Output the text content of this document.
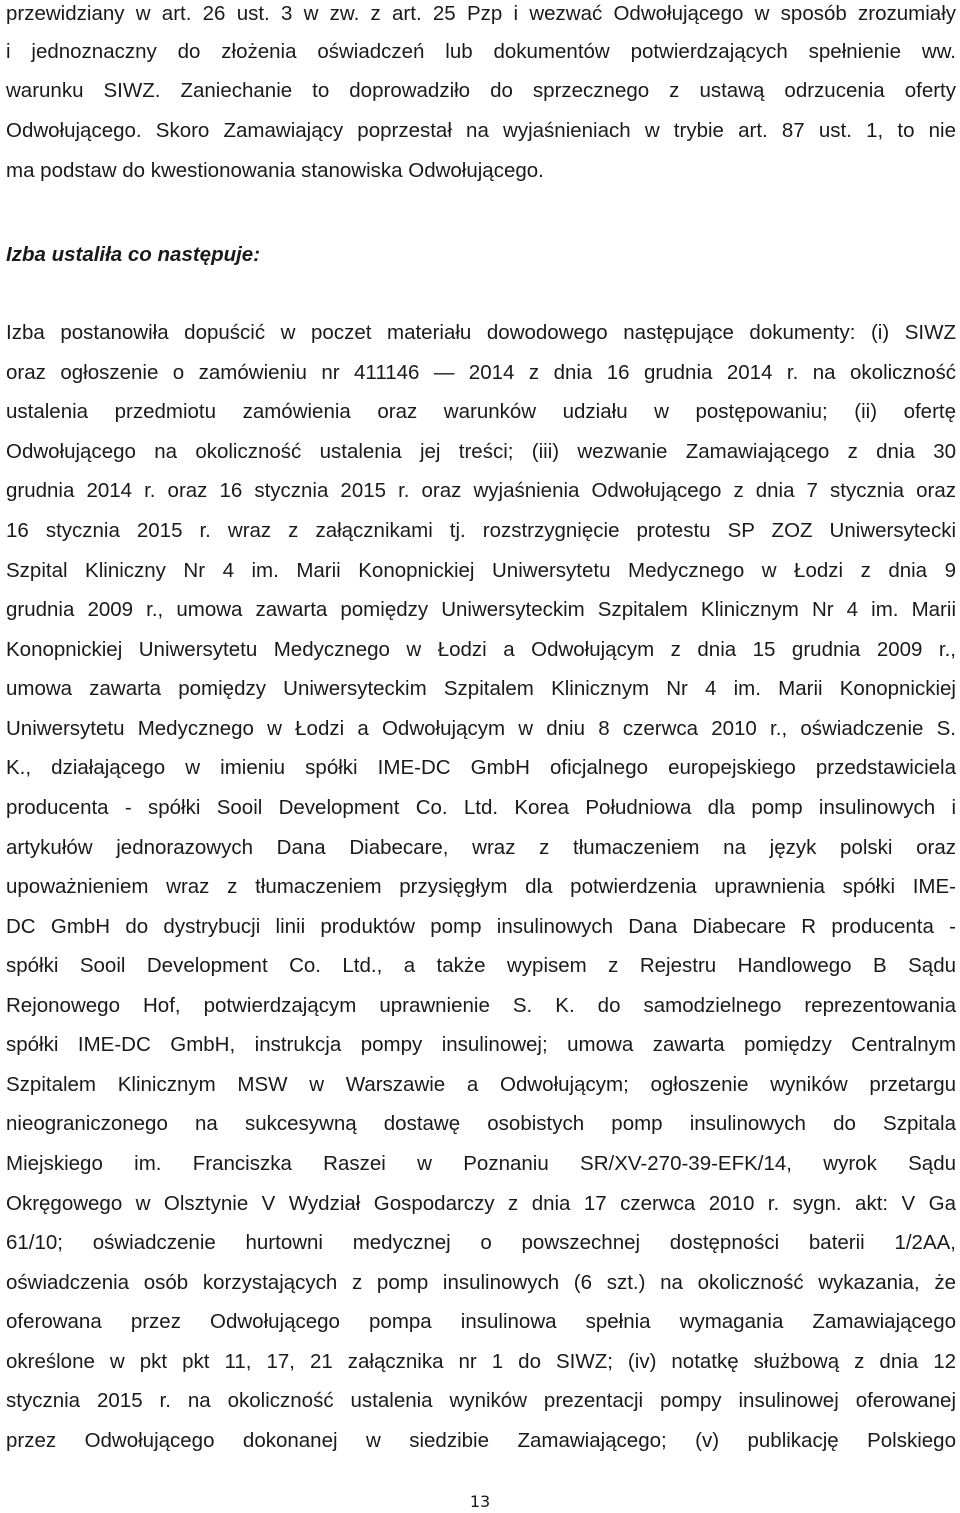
przewidziany w art. 26 ust. 3 w zw. z art. 25 Pzp i wezwać Odwołującego w sposób zrozumiały
i jednoznaczny do złożenia oświadczeń lub dokumentów potwierdzających spełnienie ww.
warunku SIWZ. Zaniechanie to doprowadziło do sprzecznego z ustawą odrzucenia oferty
Odwołującego. Skoro Zamawiający poprzestał na wyjaśnieniach w trybie art. 87 ust. 1, to nie
ma podstaw do kwestionowania stanowiska Odwołującego.
Izba ustaliła co następuje:
Izba postanowiła dopuścić w poczet materiału dowodowego następujące dokumenty: (i) SIWZ
oraz ogłoszenie o zamówieniu nr 411146 — 2014 z dnia 16 grudnia 2014 r. na okoliczność
ustalenia przedmiotu zamówienia oraz warunków udziału w postępowaniu; (ii) ofertę
Odwołującego na okoliczność ustalenia jej treści; (iii) wezwanie Zamawiającego z dnia 30
grudnia 2014 r. oraz 16 stycznia 2015 r. oraz wyjaśnienia Odwołującego z dnia 7 stycznia oraz
16 stycznia 2015 r. wraz z załącznikami tj. rozstrzygnięcie protestu SP ZOZ Uniwersytecki
Szpital Kliniczny Nr 4 im. Marii Konopnickiej Uniwersytetu Medycznego w Łodzi z dnia 9
grudnia 2009 r., umowa zawarta pomiędzy Uniwersyteckim Szpitalem Klinicznym Nr 4 im. Marii
Konopnickiej Uniwersytetu Medycznego w Łodzi a Odwołującym z dnia 15 grudnia 2009 r.,
umowa zawarta pomiędzy Uniwersyteckim Szpitalem Klinicznym Nr 4 im. Marii Konopnickiej
Uniwersytetu Medycznego w Łodzi a Odwołującym w dniu 8 czerwca 2010 r., oświadczenie S.
K., działającego w imieniu spółki IME-DC GmbH oficjalnego europejskiego przedstawiciela
producenta - spółki Sooil Development Co. Ltd. Korea Południowa dla pomp insulinowych i
artykułów jednorazowych Dana Diabecare, wraz z tłumaczeniem na język polski oraz
upoważnieniem wraz z tłumaczeniem przysięgłym dla potwierdzenia uprawnienia spółki IME-
DC GmbH do dystrybucji linii produktów pomp insulinowych Dana Diabecare R producenta -
spółki Sooil Development Co. Ltd., a także wypisem z Rejestru Handlowego B Sądu
Rejonowego Hof, potwierdzającym uprawnienie S. K. do samodzielnego reprezentowania
spółki IME-DC GmbH, instrukcja pompy insulinowej; umowa zawarta pomiędzy Centralnym
Szpitalem Klinicznym MSW w Warszawie a Odwołującym; ogłoszenie wyników przetargu
nieograniczonego na sukcesywną dostawę osobistych pomp insulinowych do Szpitala
Miejskiego im. Franciszka Raszei w Poznaniu SR/XV-270-39-EFK/14, wyrok Sądu
Okręgowego w Olsztynie V Wydział Gospodarczy z dnia 17 czerwca 2010 r. sygn. akt: V Ga
61/10; oświadczenie hurtowni medycznej o powszechnej dostępności baterii 1/2AA,
oświadczenia osób korzystających z pomp insulinowych (6 szt.) na okoliczność wykazania, że
oferowana przez Odwołującego pompa insulinowa spełnia wymagania Zamawiającego
określone w pkt pkt 11, 17, 21 załącznika nr 1 do SIWZ; (iv) notatkę służbową z dnia 12
stycznia 2015 r. na okoliczność ustalenia wyników prezentacji pompy insulinowej oferowanej
przez Odwołującego dokonanej w siedzibie Zamawiającego; (v) publikację Polskiego
13
